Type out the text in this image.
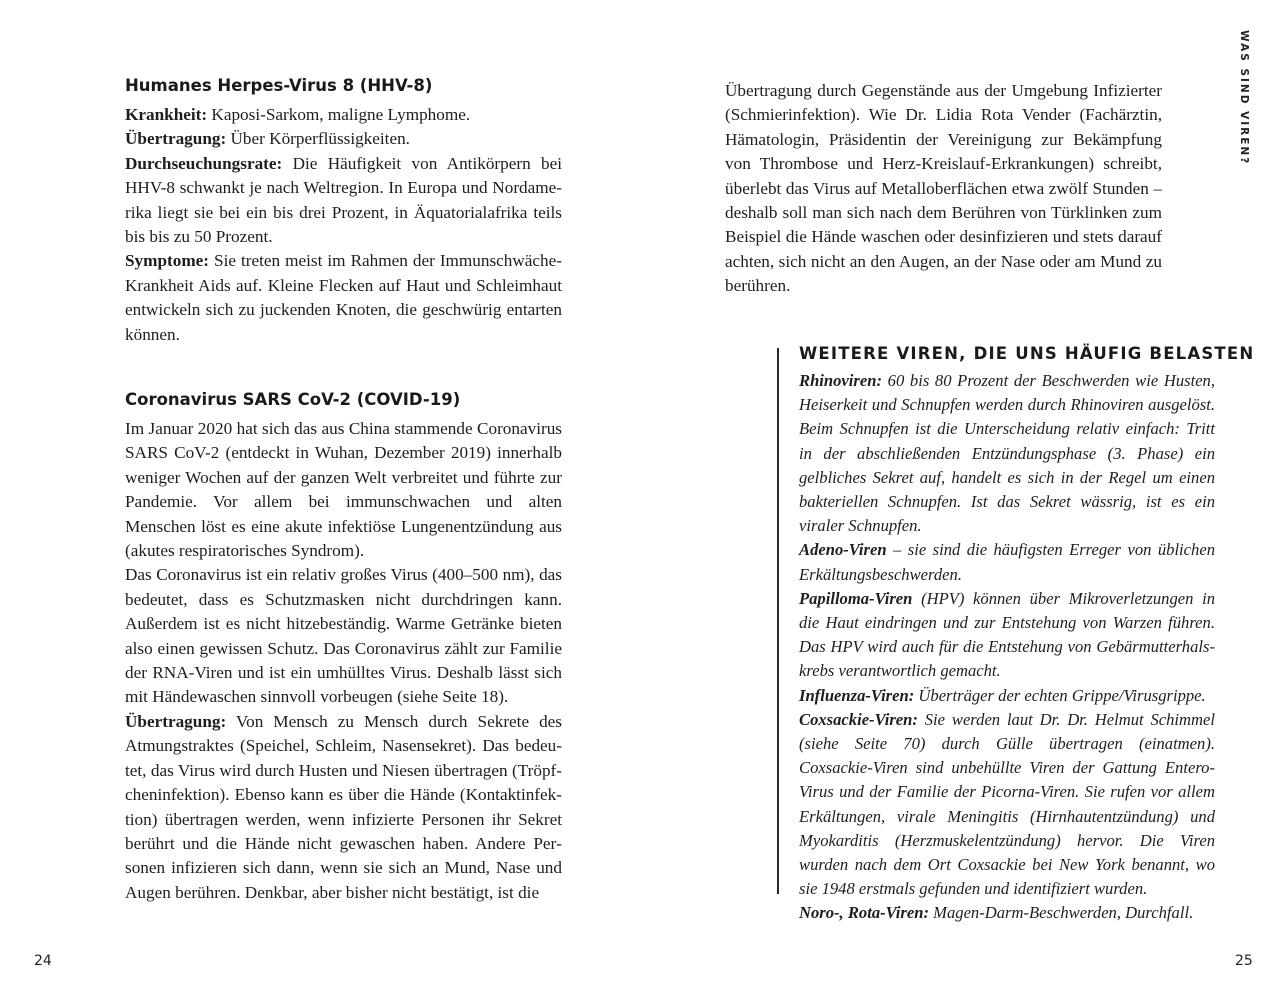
Humanes Herpes-Virus 8 (HHV-8)

Krankheit: Kaposi-Sarkom, maligne Lymphome.

Übertragung: Über Körperflüssigkeiten.

Durchseuchungsrate: Die Häufigkeit von Antikörpern bei HHV-8 schwankt je nach Weltregion. In Europa und Nordamerika liegt sie bei ein bis drei Prozent, in Äquatorialafrika teils bis bis zu 50 Prozent.

Symptome: Sie treten meist im Rahmen der Immunschwäche-Krankheit Aids auf. Kleine Flecken auf Haut und Schleimhaut entwickeln sich zu juckenden Knoten, die geschwürig entarten können.

Coronavirus SARS CoV-2 (COVID-19)

Im Januar 2020 hat sich das aus China stammende Coronavirus SARS CoV-2 (entdeckt in Wuhan, Dezember 2019) innerhalb weniger Wochen auf der ganzen Welt verbreitet und führte zur Pandemie. Vor allem bei immunschwachen und alten Menschen löst es eine akute infektiöse Lungenentzündung aus (akutes respiratorisches Syndrom).

Das Coronavirus ist ein relativ großes Virus (400–500 nm), das bedeutet, dass es Schutzmasken nicht durchdringen kann. Außerdem ist es nicht hitzebeständig. Warme Getränke bieten also einen gewissen Schutz. Das Coronavirus zählt zur Familie der RNA-Viren und ist ein umhülltes Virus. Deshalb lässt sich mit Händewaschen sinnvoll vorbeugen (siehe Seite 18).

Übertragung: Von Mensch zu Mensch durch Sekrete des Atmungstraktes (Speichel, Schleim, Nasensekret). Das bedeutet, das Virus wird durch Husten und Niesen übertragen (Tröpfcheninfektion). Ebenso kann es über die Hände (Kontaktinfektion) übertragen werden, wenn infizierte Personen ihr Sekret berührt und die Hände nicht gewaschen haben. Andere Personen infizieren sich dann, wenn sie sich an Mund, Nase und Augen berühren. Denkbar, aber bisher nicht bestätigt, ist die

24
WAS SIND VIREN?

Übertragung durch Gegenstände aus der Umgebung Infizierter (Schmierinfektion). Wie Dr. Lidia Rota Vender (Fachärztin, Hämatologin, Präsidentin der Vereinigung zur Bekämpfung von Thrombose und Herz-Kreislauf-Erkrankungen) schreibt, überlebt das Virus auf Metalloberflächen etwa zwölf Stunden – deshalb soll man sich nach dem Berühren von Türklinken zum Beispiel die Hände waschen oder desinfizieren und stets darauf achten, sich nicht an den Augen, an der Nase oder am Mund zu berühren.

WEITERE VIREN, DIE UNS HÄUFIG BELASTEN

Rhinoviren: 60 bis 80 Prozent der Beschwerden wie Husten, Heiserkeit und Schnupfen werden durch Rhinoviren ausgelöst. Beim Schnupfen ist die Unterscheidung relativ einfach: Tritt in der abschließenden Entzündungsphase (3. Phase) ein gelbliches Sekret auf, handelt es sich in der Regel um einen bakteriellen Schnupfen. Ist das Sekret wässrig, ist es ein viraler Schnupfen.

Adeno-Viren – sie sind die häufigsten Erreger von üblichen Erkältungsbeschwerden.

Papilloma-Viren (HPV) können über Mikroverletzungen in die Haut eindringen und zur Entstehung von Warzen führen. Das HPV wird auch für die Entstehung von Gebärmutterhalskrebs verantwortlich gemacht.

Influenza-Viren: Überträger der echten Grippe/Virusgrippe.

Coxsackie-Viren: Sie werden laut Dr. Dr. Helmut Schimmel (siehe Seite 70) durch Gülle übertragen (einatmen). Coxsackie-Viren sind unbehüllte Viren der Gattung Entero-Virus und der Familie der Picorna-Viren. Sie rufen vor allem Erkältungen, virale Meningitis (Hirnhautentzündung) und Myokarditis (Herzmuskelentzündung) hervor. Die Viren wurden nach dem Ort Coxsackie bei New York benannt, wo sie 1948 erstmals gefunden und identifiziert wurden.

Noro-, Rota-Viren: Magen-Darm-Beschwerden, Durchfall.

25
